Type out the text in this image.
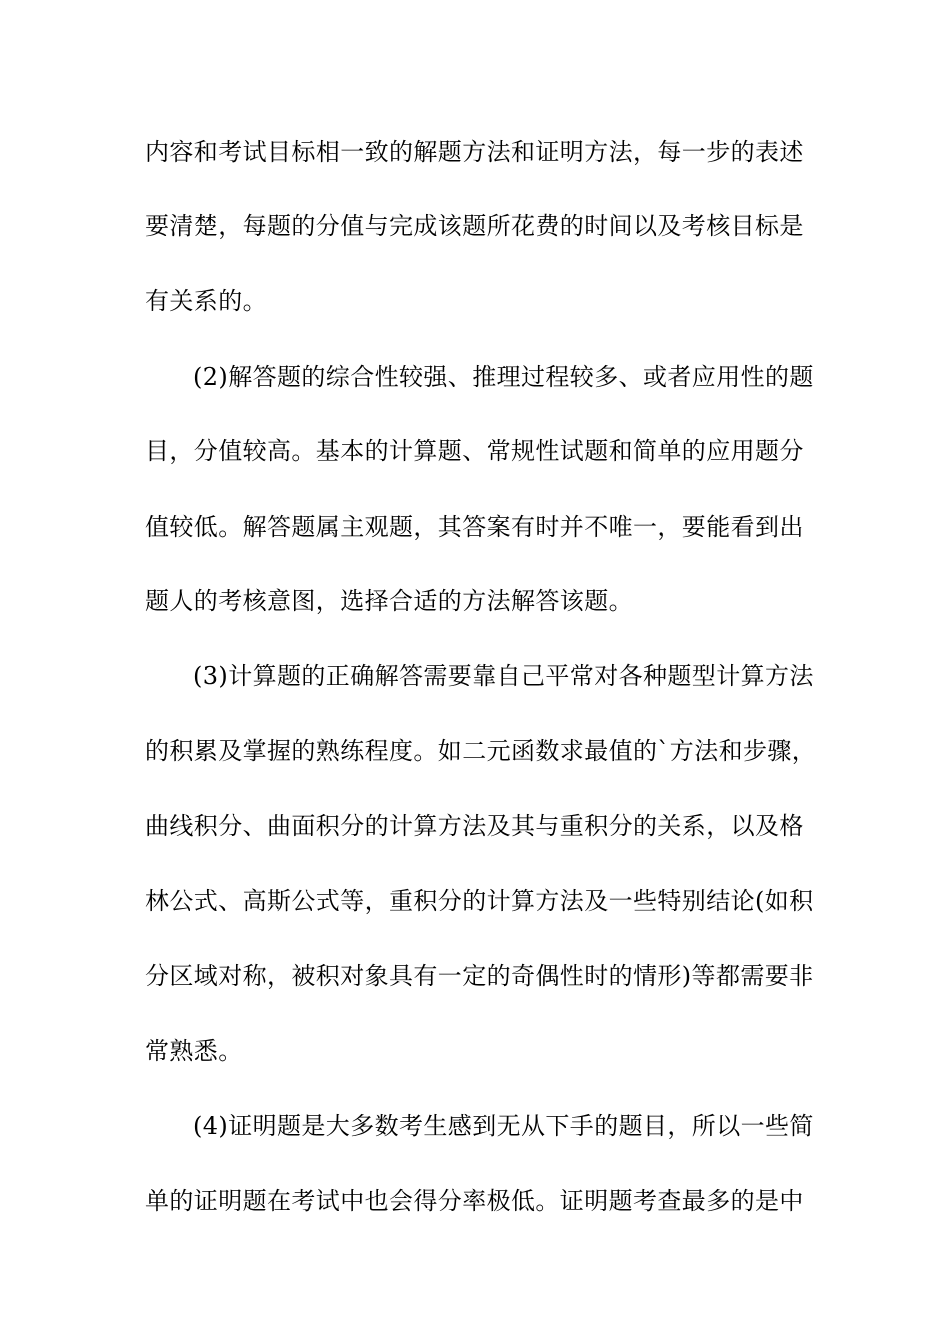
内容和考试目标相一致的解题方法和证明方法，每一步的表述
要清楚，每题的分值与完成该题所花费的时间以及考核目标是
有关系的。
(2)解答题的综合性较强、推理过程较多、或者应用性的题
目，分值较高。基本的计算题、常规性试题和简单的应用题分
值较低。解答题属主观题，其答案有时并不唯一，要能看到出
题人的考核意图，选择合适的方法解答该题。
(3)计算题的正确解答需要靠自己平常对各种题型计算方法
的积累及掌握的熟练程度。如二元函数求最值的`方法和步骤，
曲线积分、曲面积分的计算方法及其与重积分的关系，以及格
林公式、高斯公式等，重积分的计算方法及一些特别结论(如积
分区域对称，被积对象具有一定的奇偶性时的情形)等都需要非
常熟悉。
(4)证明题是大多数考生感到无从下手的题目，所以一些简
单的证明题在考试中也会得分率极低。证明题考查最多的是中
